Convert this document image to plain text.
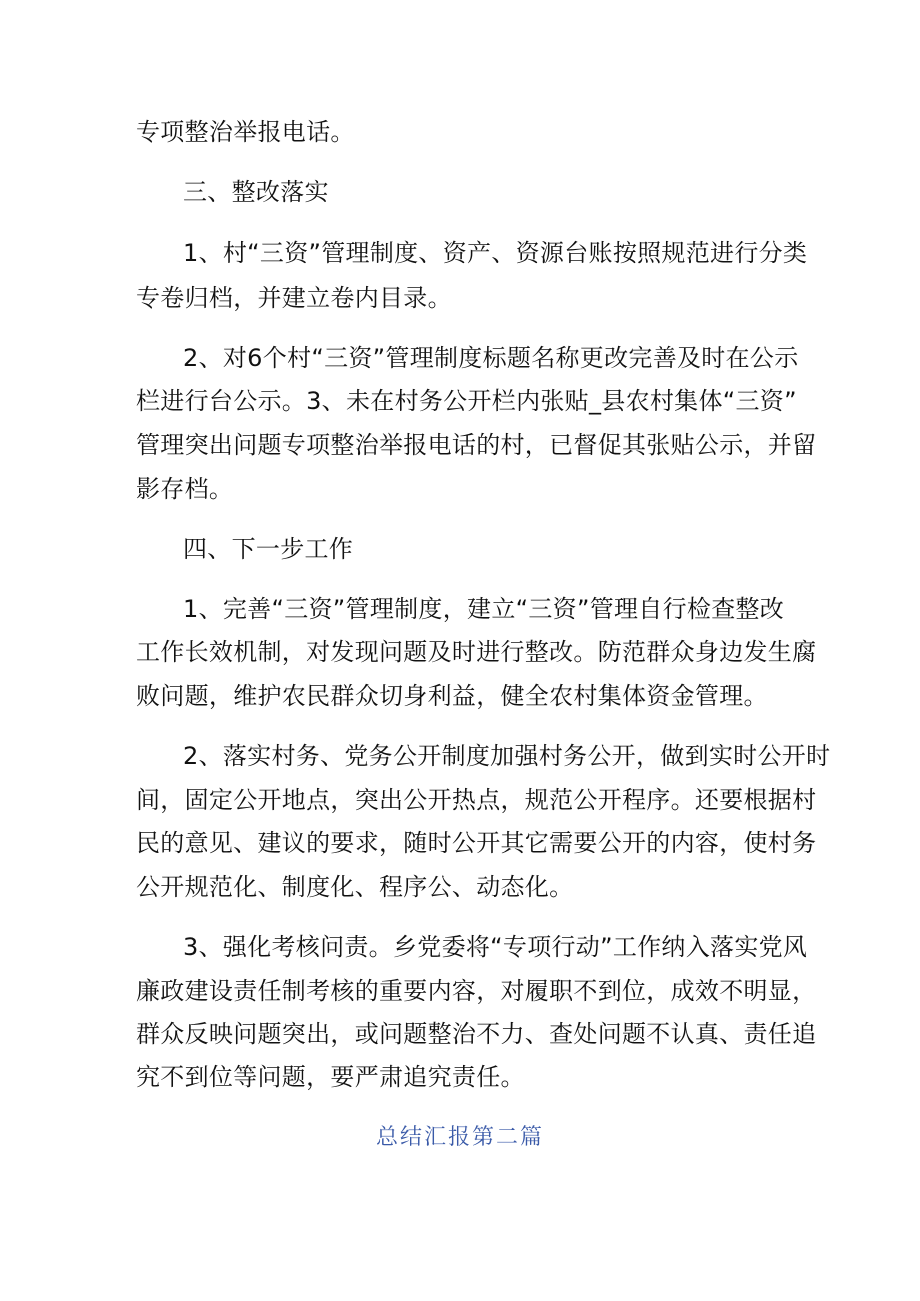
专项整治举报电话。
三、整改落实
1、村“三资”管理制度、资产、资源台账按照规范进行分类
专卷归档，并建立卷内目录。
2、对6个村“三资”管理制度标题名称更改完善及时在公示
栏进行台公示。3、未在村务公开栏内张贴_县农村集体“三资”
管理突出问题专项整治举报电话的村，已督促其张贴公示，并留
影存档。
四、下一步工作
1、完善“三资”管理制度，建立“三资”管理自行检查整改
工作长效机制，对发现问题及时进行整改。防范群众身边发生腐
败问题，维护农民群众切身利益，健全农村集体资金管理。
2、落实村务、党务公开制度加强村务公开，做到实时公开时
间，固定公开地点，突出公开热点，规范公开程序。还要根据村
民的意见、建议的要求，随时公开其它需要公开的内容，使村务
公开规范化、制度化、程序公、动态化。
3、强化考核问责。乡党委将“专项行动”工作纳入落实党风
廉政建设责任制考核的重要内容，对履职不到位，成效不明显，
群众反映问题突出，或问题整治不力、查处问题不认真、责任追
究不到位等问题，要严肃追究责任。
总结汇报第二篇
